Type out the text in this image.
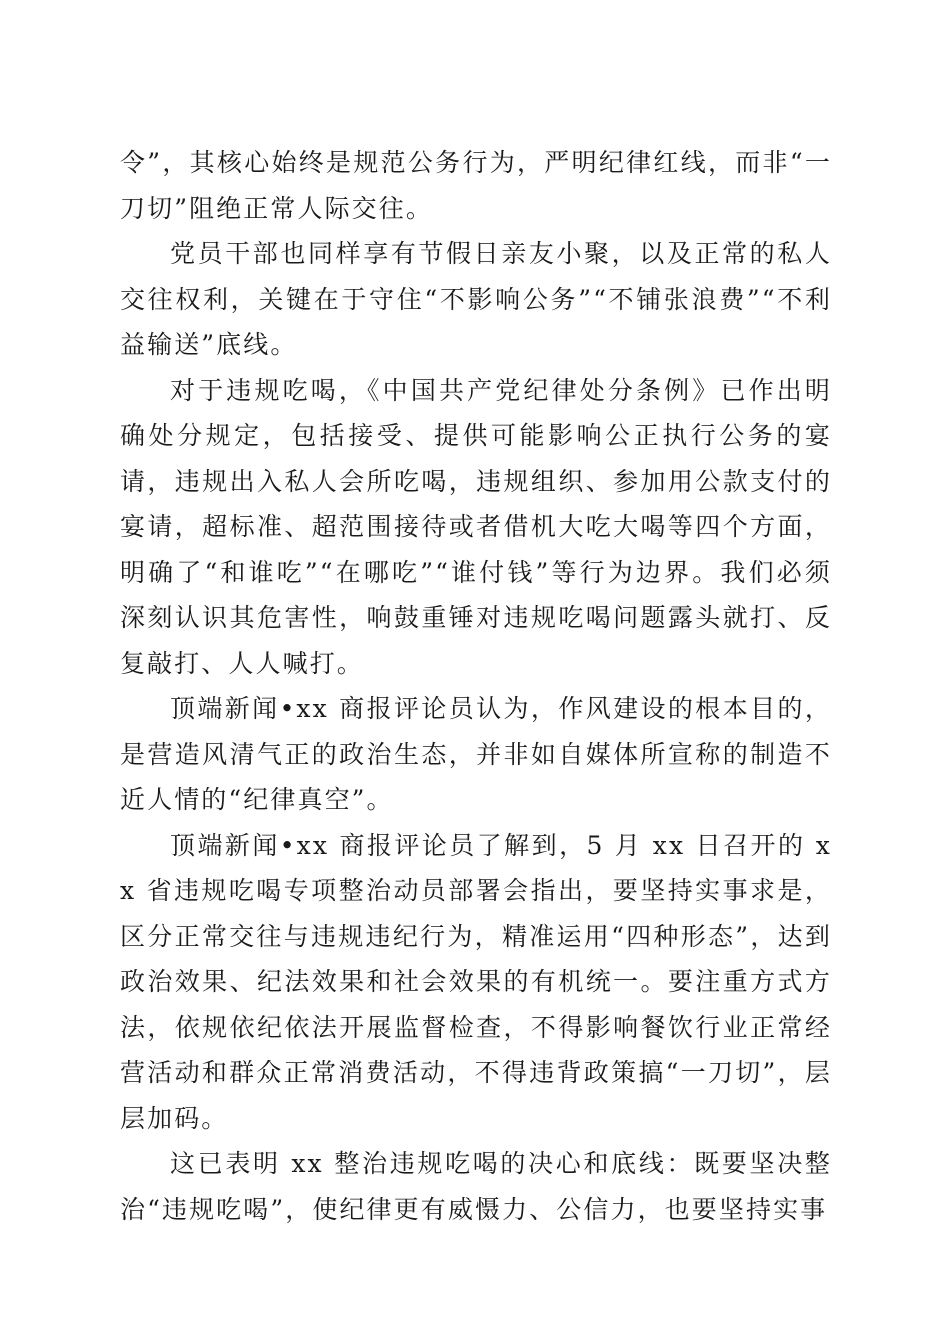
令”，其核心始终是规范公务行为，严明纪律红线，而非“一刀切”阻绝正常人际交往。

党员干部也同样享有节假日亲友小聚，以及正常的私人交往权利，关键在于守住“不影响公务”“不铺张浪费”“不利益输送”底线。

对于违规吃喝，《中国共产党纪律处分条例》已作出明确处分规定，包括接受、提供可能影响公正执行公务的宴请，违规出入私人会所吃喝，违规组织、参加用公款支付的宴请，超标准、超范围接待或者借机大吃大喝等四个方面，明确了“和谁吃”“在哪吃”“谁付钱”等行为边界。我们必须深刻认识其危害性，响鼓重锤对违规吃喝问题露头就打、反复敲打、人人喊打。

顶端新闻•xx 商报评论员认为，作风建设的根本目的，是营造风清气正的政治生态，并非如自媒体所宣称的制造不近人情的“纪律真空”。

顶端新闻•xx 商报评论员了解到，5 月 xx 日召开的 xx 省违规吃喝专项整治动员部署会指出，要坚持实事求是，区分正常交往与违规违纪行为，精准运用“四种形态”，达到政治效果、纪法效果和社会效果的有机统一。要注重方式方法，依规依纪依法开展监督检查，不得影响餐饮行业正常经营活动和群众正常消费活动，不得违背政策搞“一刀切”，层层加码。

这已表明 xx 整治违规吃喝的决心和底线：既要坚决整治“违规吃喝”，使纪律更有威慑力、公信力，也要坚持实事
